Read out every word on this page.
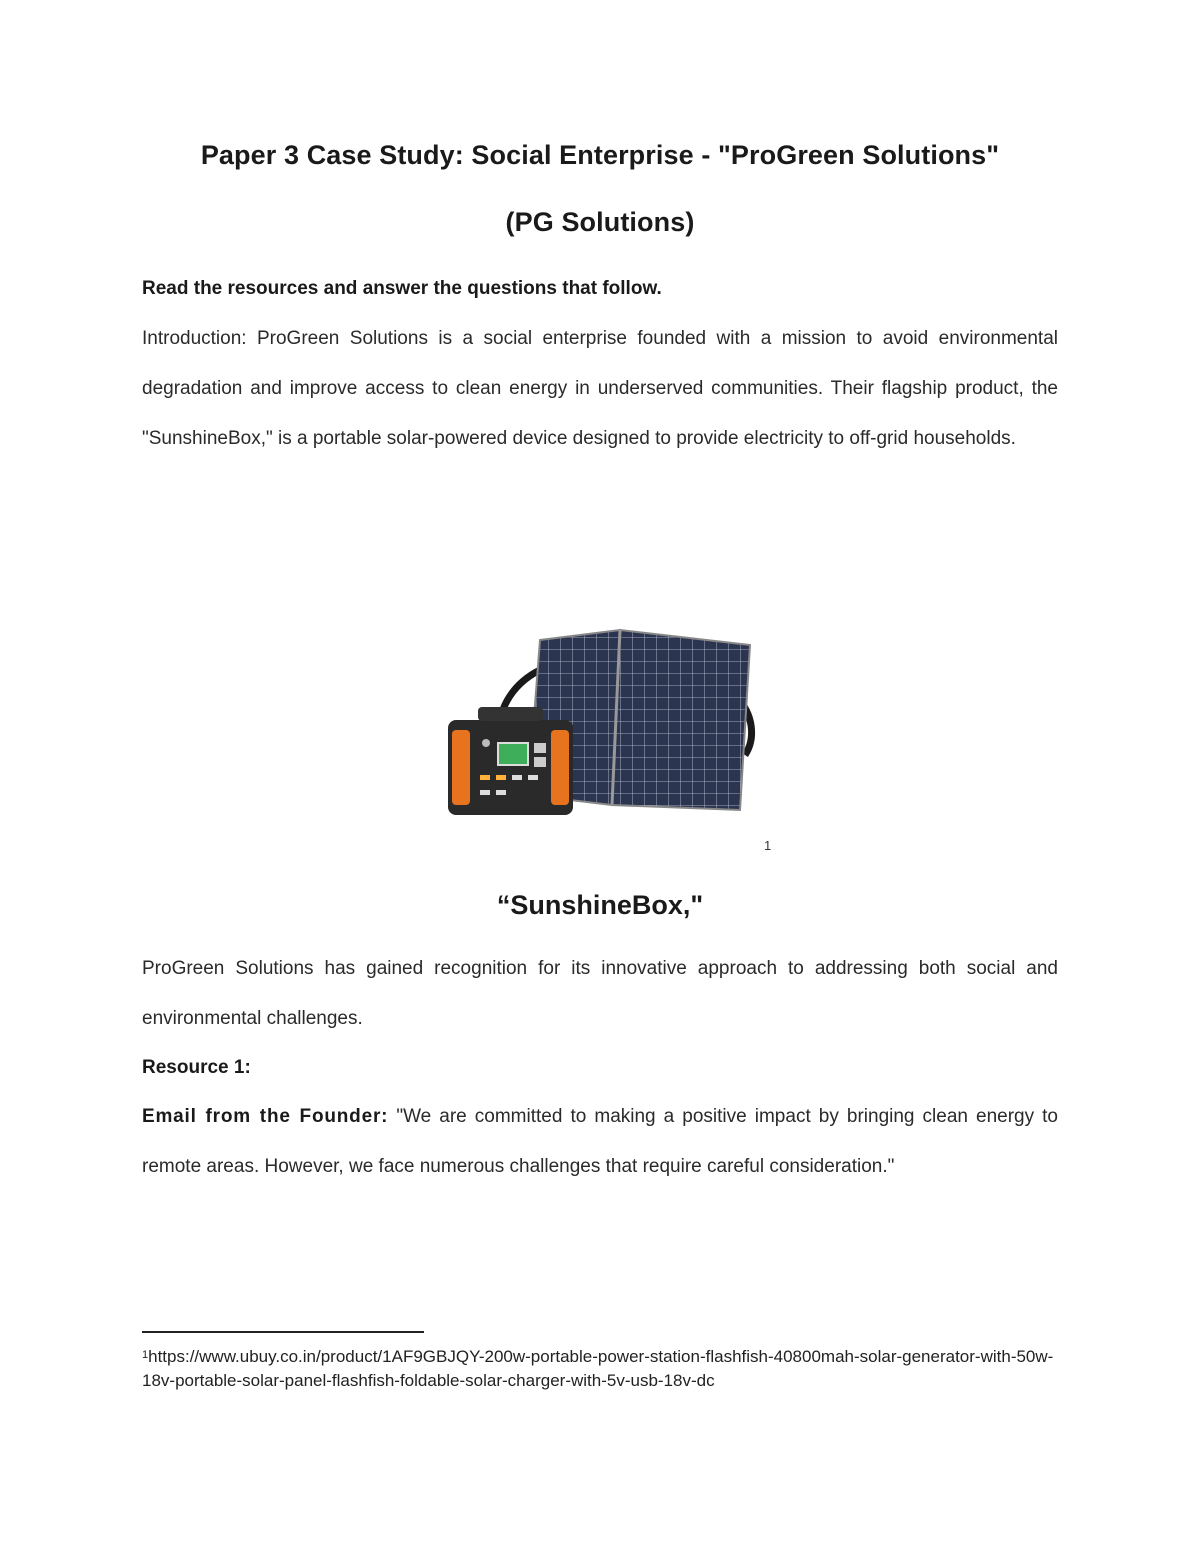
Paper 3 Case Study: Social Enterprise - "ProGreen Solutions"
(PG Solutions)
Read the resources and answer the questions that follow.
Introduction: ProGreen Solutions is a social enterprise founded with a mission to avoid environmental degradation and improve access to clean energy in underserved communities. Their flagship product, the "SunshineBox," is a portable solar-powered device designed to provide electricity to off-grid households.
1
“SunshineBox,"
ProGreen Solutions has gained recognition for its innovative approach to addressing both social and environmental challenges.
Resource 1:
Email from the Founder: "We are committed to making a positive impact by bringing clean energy to remote areas. However, we face numerous challenges that require careful consideration."
$^1$https://www.ubuy.co.in/product/1AF9GBJQY-200w-portable-power-station-flashfish-40800mah-solar-generator-with-50w-18v-portable-solar-panel-flashfish-foldable-solar-charger-with-5v-usb-18v-dc
